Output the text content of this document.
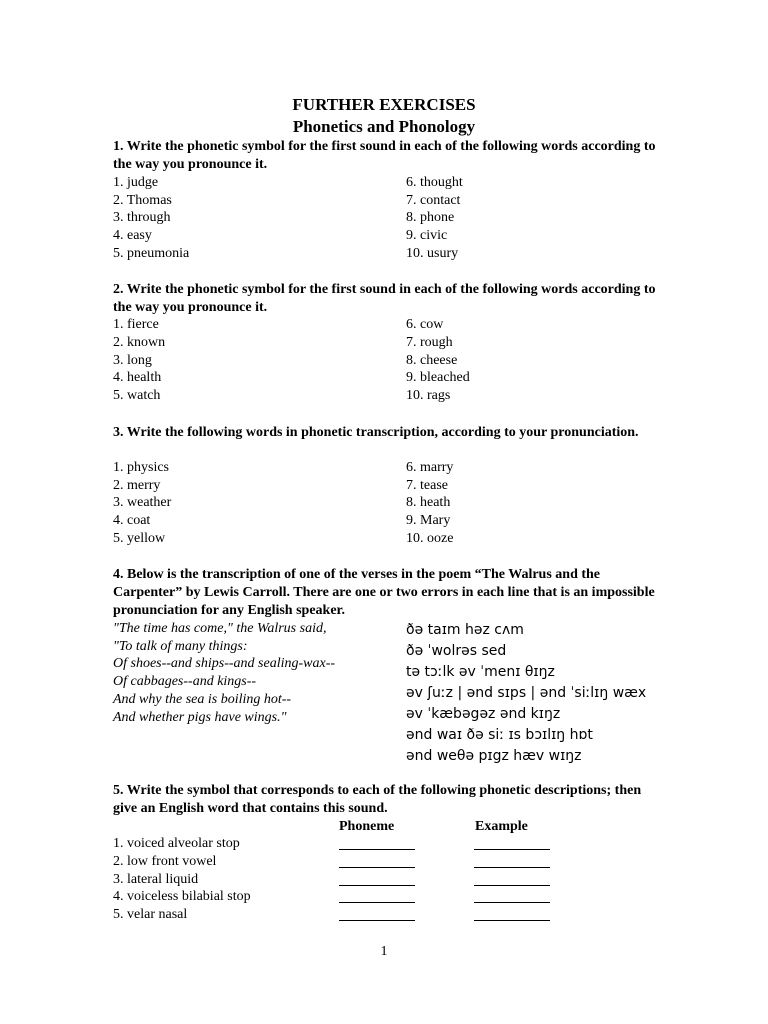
FURTHER EXERCISES
Phonetics and Phonology
1. Write the phonetic symbol for the first sound in each of the following words according to the way you pronounce it.
1. judge
2. Thomas
3. through
4. easy
5. pneumonia
6. thought
7. contact
8. phone
9. civic
10. usury
2. Write the phonetic symbol for the first sound in each of the following words according to the way you pronounce it.
1. fierce
2. known
3. long
4. health
5. watch
6. cow
7. rough
8. cheese
9. bleached
10. rags
3. Write the following words in phonetic transcription, according to your pronunciation.
1. physics
2. merry
3. weather
4. coat
5. yellow
6. marry
7. tease
8. heath
9. Mary
10. ooze
4. Below is the transcription of one of the verses in the poem “The Walrus and the Carpenter” by Lewis Carroll. There are one or two errors in each line that is an impossible pronunciation for any English speaker.
"The time has come," the Walrus said,
"To talk of many things:
Of shoes--and ships--and sealing-wax--
Of cabbages--and kings--
And why the sea is boiling hot--
And whether pigs have wings."
ðə taɪm həz cʌm
ðə ˈwolrəs sed
tə tɔːlk əv ˈmenɪ θɪŋz
əv ʃuːz | ənd sɪps | ənd ˈsiːlɪŋ wæx
əv ˈkæbəgəz ənd kɪŋz
ənd waɪ ðə siː ɪs bɔɪlɪŋ hɒt
ənd weθə pɪgz hæv wɪŋz
5. Write the symbol that corresponds to each of the following phonetic descriptions; then give an English word that contains this sound.
Phoneme	Example
1. voiced alveolar stop
2. low front vowel
3. lateral liquid
4. voiceless bilabial stop
5. velar nasal
1
